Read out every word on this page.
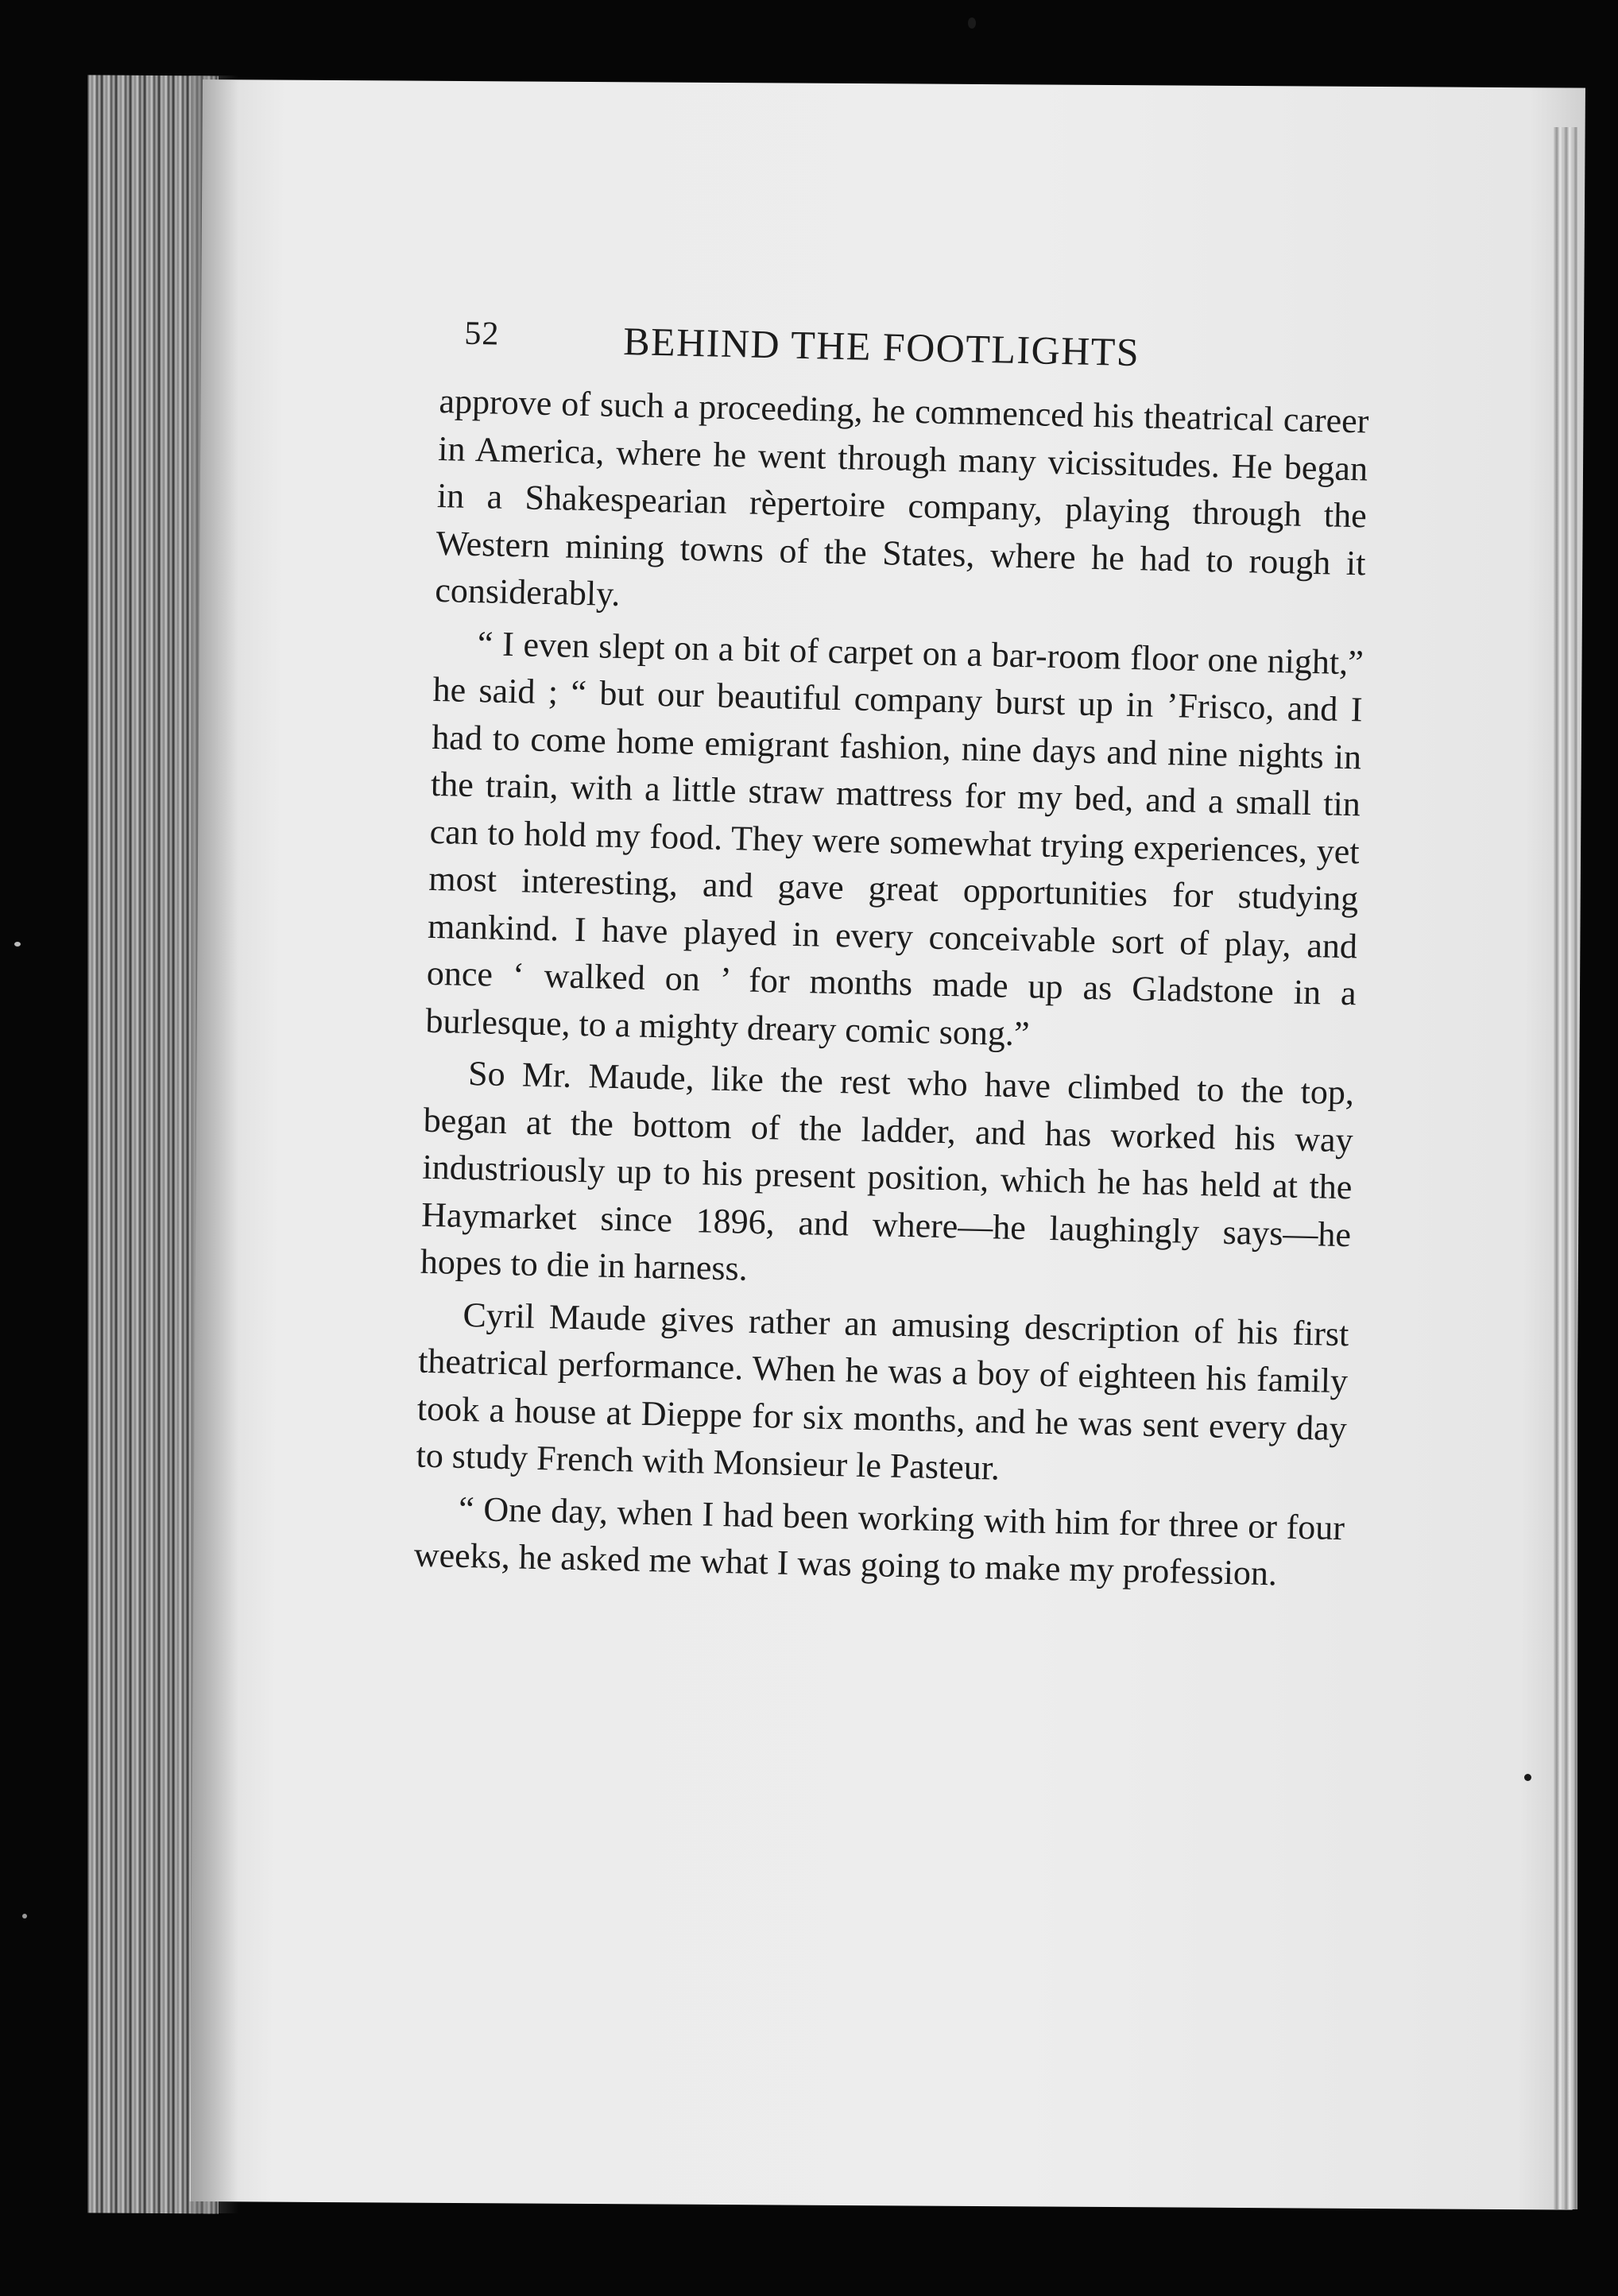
52	BEHIND THE FOOTLIGHTS

approve of such a proceeding, he commenced his theatrical career in America, where he went through many vicissitudes. He began in a Shakespearian rèpertoire company, playing through the Western mining towns of the States, where he had to rough it considerably.

“ I even slept on a bit of carpet on a bar-room floor one night,” he said ; “ but our beautiful company burst up in ’Frisco, and I had to come home emigrant fashion, nine days and nine nights in the train, with a little straw mattress for my bed, and a small tin can to hold my food. They were somewhat trying experiences, yet most interesting, and gave great opportunities for studying mankind. I have played in every conceivable sort of play, and once ‘ walked on ’ for months made up as Gladstone in a burlesque, to a mighty dreary comic song.”

So Mr. Maude, like the rest who have climbed to the top, began at the bottom of the ladder, and has worked his way industriously up to his present position, which he has held at the Haymarket since 1896, and where—he laughingly says—he hopes to die in harness.

Cyril Maude gives rather an amusing description of his first theatrical performance. When he was a boy of eighteen his family took a house at Dieppe for six months, and he was sent every day to study French with Monsieur le Pasteur.

“ One day, when I had been working with him for three or four weeks, he asked me what I was going to make my profession.
